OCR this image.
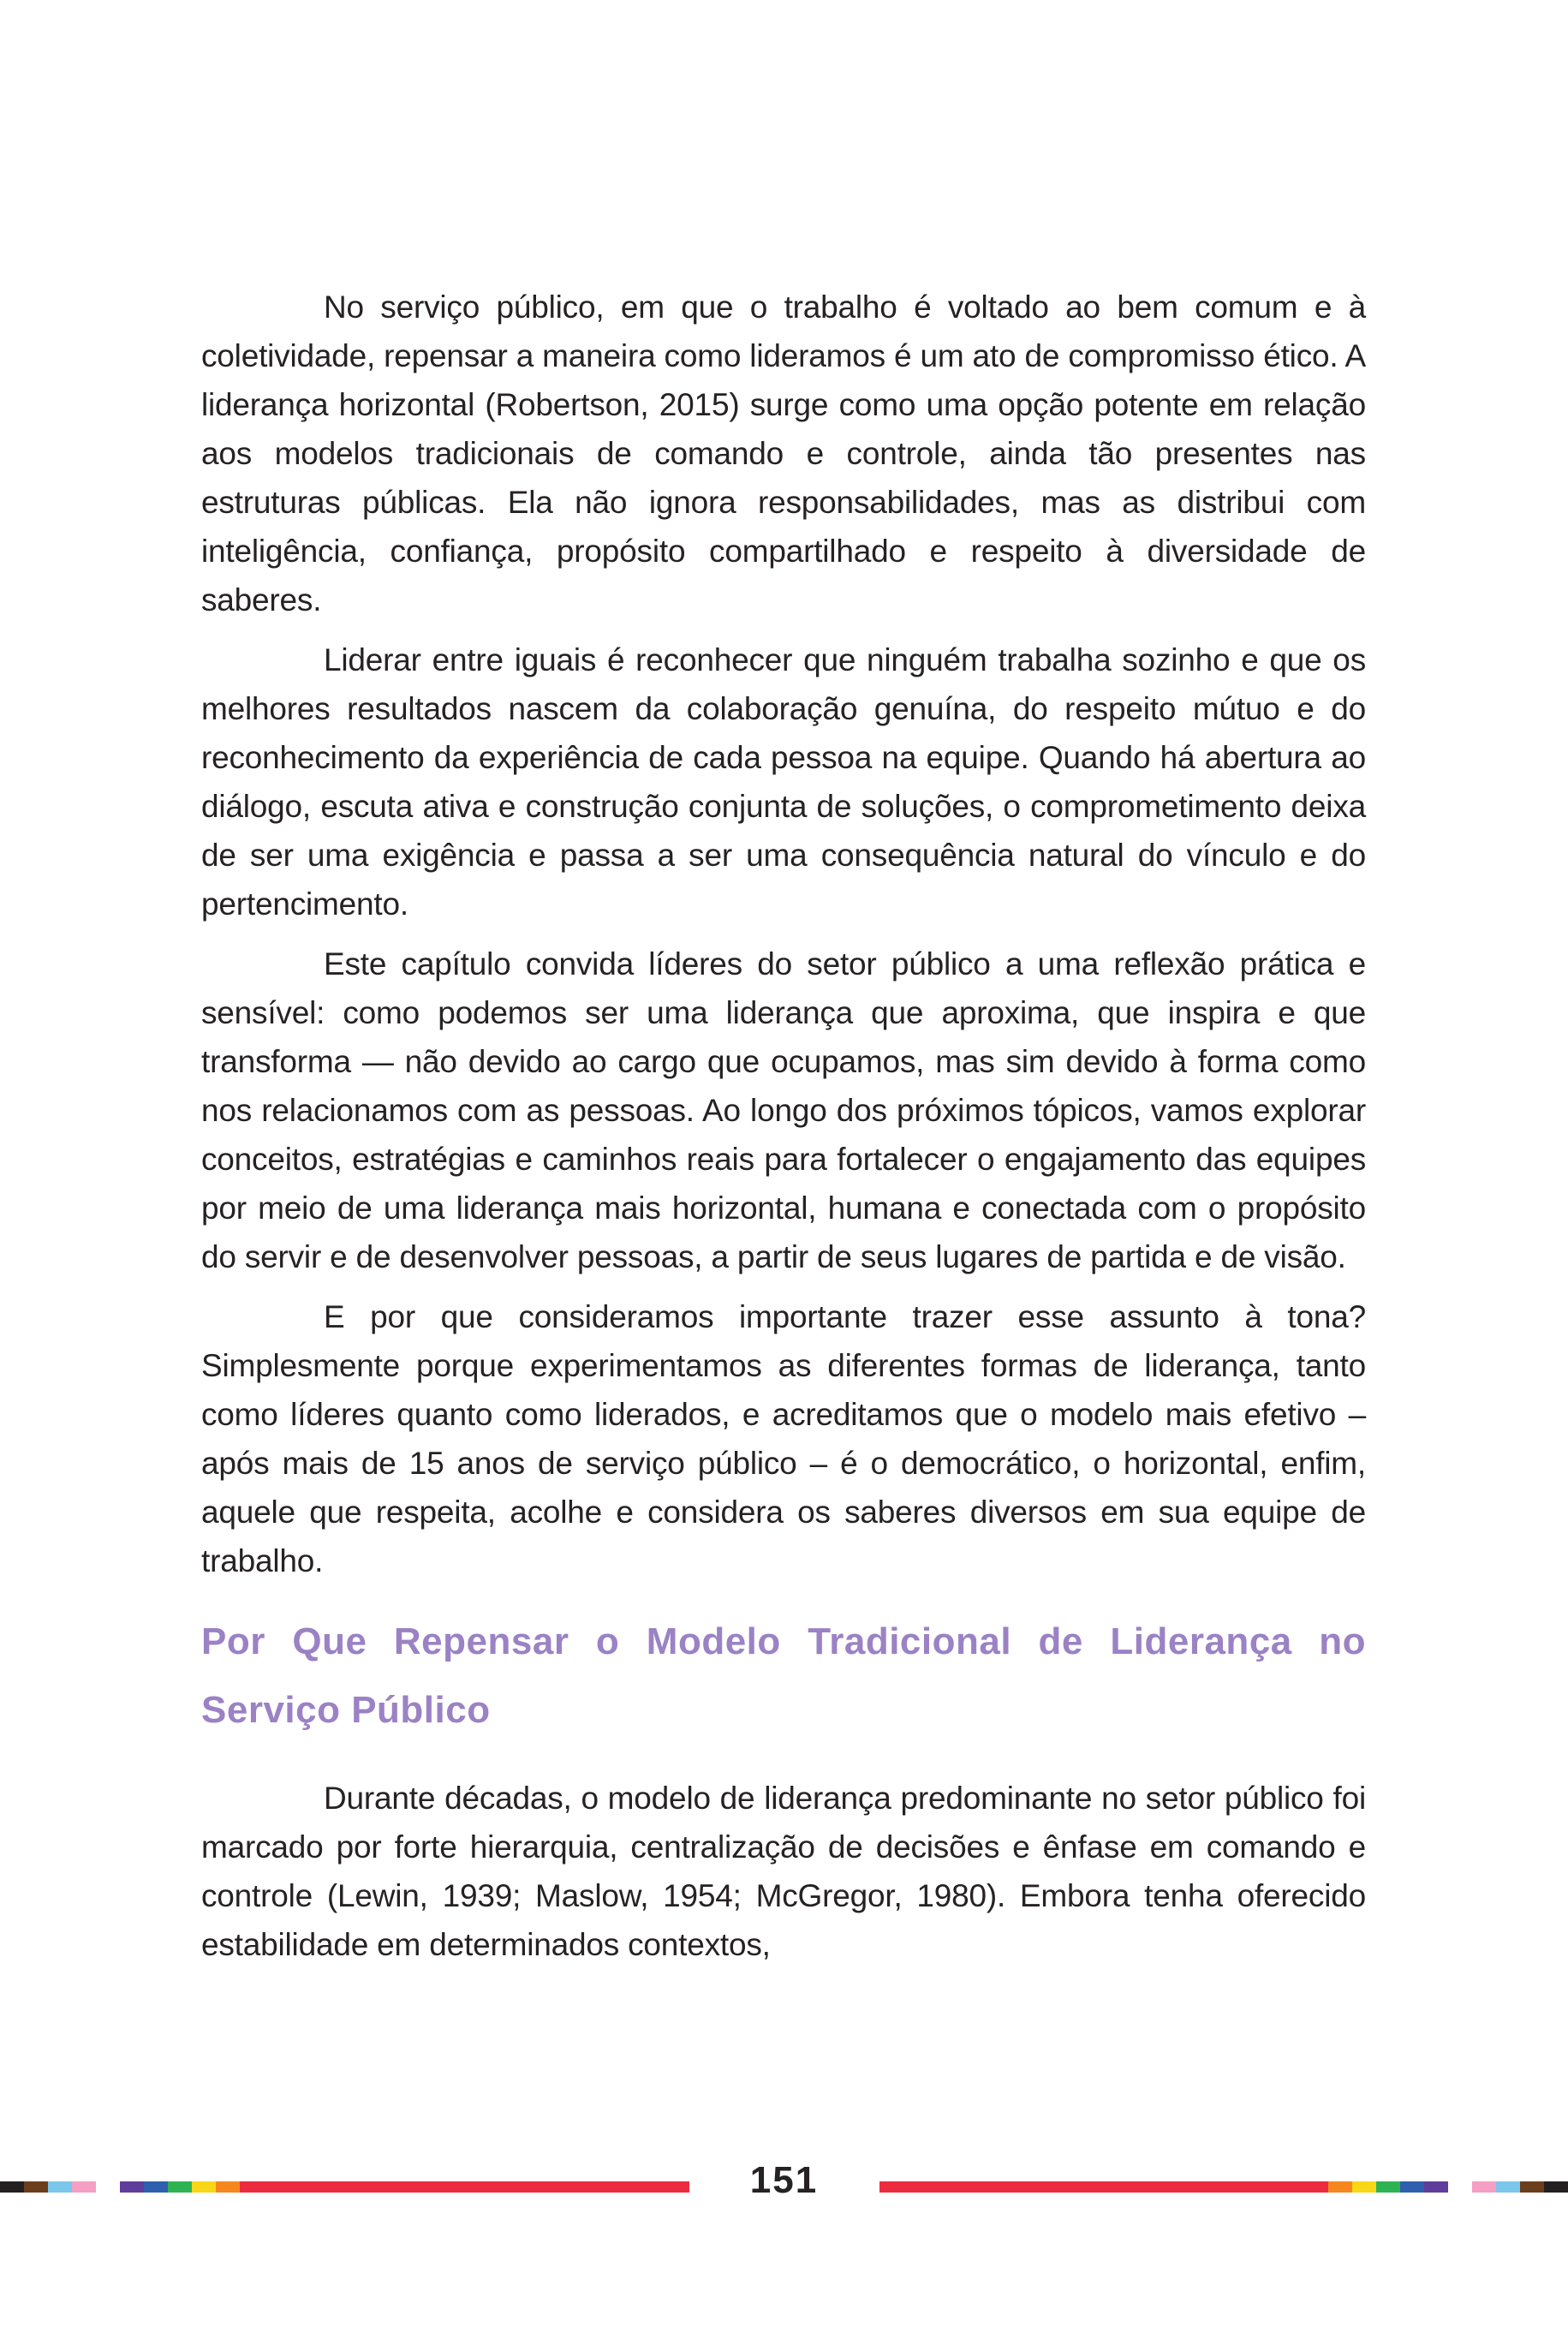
No serviço público, em que o trabalho é voltado ao bem comum e à coletividade, repensar a maneira como lideramos é um ato de compromisso ético. A liderança horizontal (Robertson, 2015) surge como uma opção potente em relação aos modelos tradicionais de comando e controle, ainda tão presentes nas estruturas públicas. Ela não ignora responsabilidades, mas as distribui com inteligência, confiança, propósito compartilhado e respeito à diversidade de saberes.

Liderar entre iguais é reconhecer que ninguém trabalha sozinho e que os melhores resultados nascem da colaboração genuína, do respeito mútuo e do reconhecimento da experiência de cada pessoa na equipe. Quando há abertura ao diálogo, escuta ativa e construção conjunta de soluções, o comprometimento deixa de ser uma exigência e passa a ser uma consequência natural do vínculo e do pertencimento.

Este capítulo convida líderes do setor público a uma reflexão prática e sensível: como podemos ser uma liderança que aproxima, que inspira e que transforma — não devido ao cargo que ocupamos, mas sim devido à forma como nos relacionamos com as pessoas. Ao longo dos próximos tópicos, vamos explorar conceitos, estratégias e caminhos reais para fortalecer o engajamento das equipes por meio de uma liderança mais horizontal, humana e conectada com o propósito do servir e de desenvolver pessoas, a partir de seus lugares de partida e de visão.

E por que consideramos importante trazer esse assunto à tona? Simplesmente porque experimentamos as diferentes formas de liderança, tanto como líderes quanto como liderados, e acreditamos que o modelo mais efetivo – após mais de 15 anos de serviço público – é o democrático, o horizontal, enfim, aquele que respeita, acolhe e considera os saberes diversos em sua equipe de trabalho.

Por Que Repensar o Modelo Tradicional de Liderança no
Serviço Público

Durante décadas, o modelo de liderança predominante no setor público foi marcado por forte hierarquia, centralização de decisões e ênfase em comando e controle (Lewin, 1939; Maslow, 1954; McGregor, 1980). Embora tenha oferecido estabilidade em determinados contextos,

151
